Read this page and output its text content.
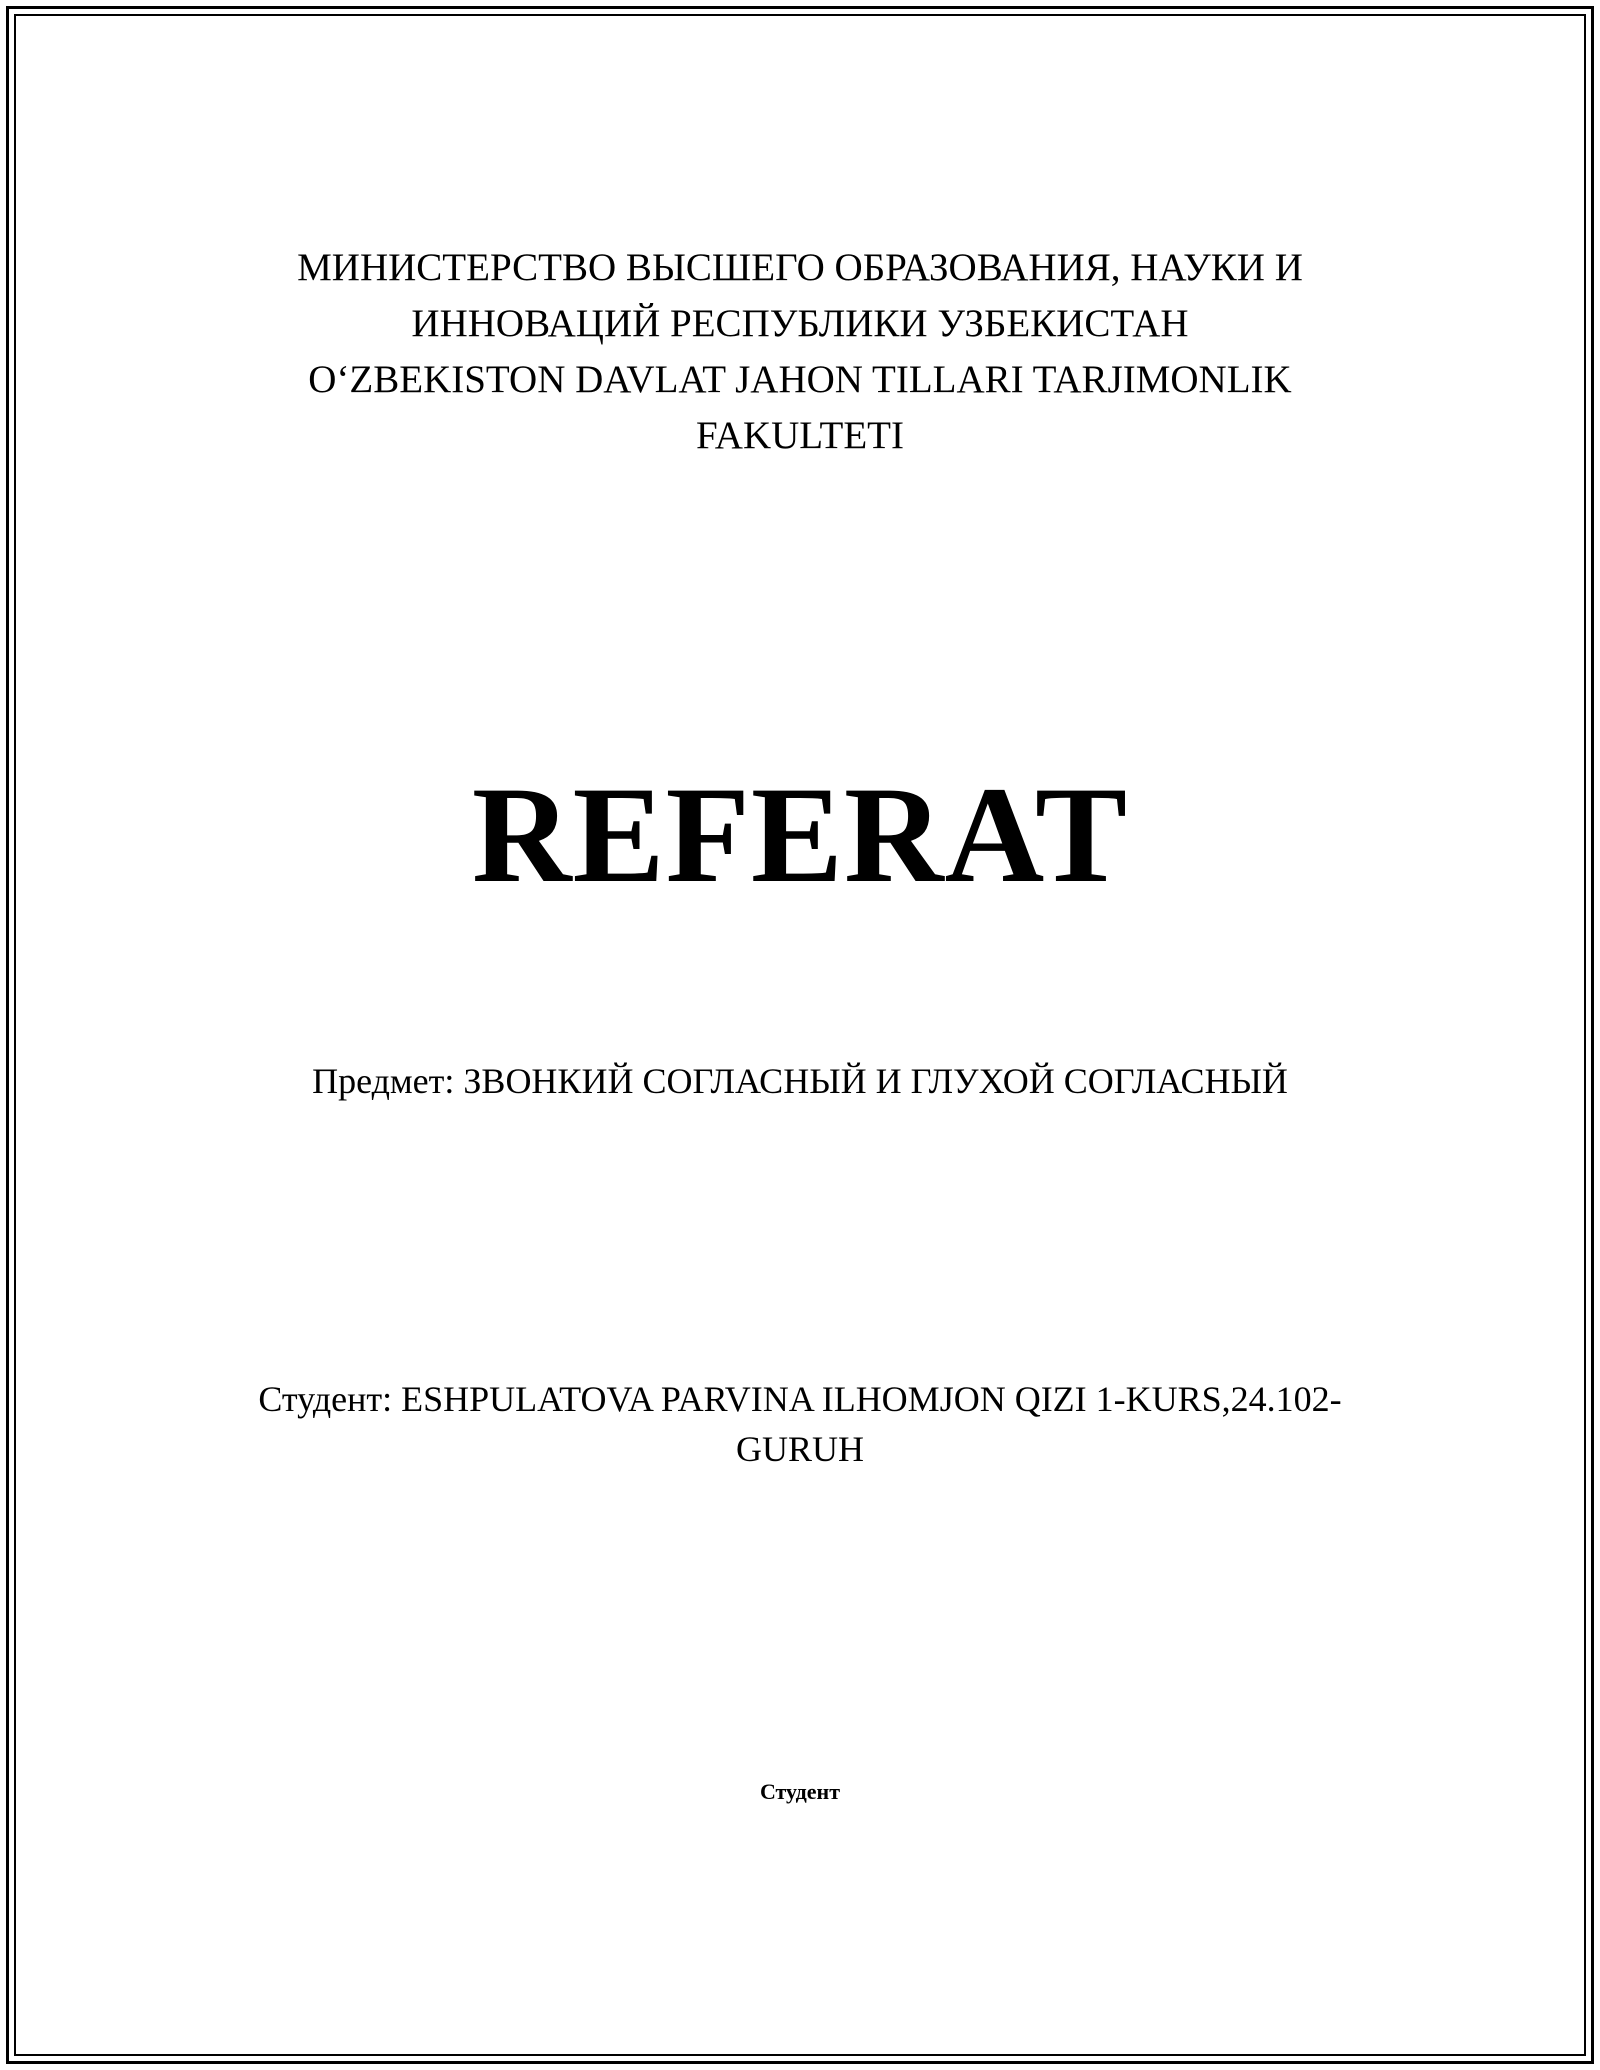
МИНИСТЕРСТВО ВЫСШЕГО ОБРАЗОВАНИЯ, НАУКИ И
ИННОВАЦИЙ РЕСПУБЛИКИ УЗБЕКИСТАН
O‘ZBEKISTON DAVLAT JAHON TILLARI TARJIMONLIK
FAKULTETI
REFERAT
Предмет: ЗВОНКИЙ СОГЛАСНЫЙ И ГЛУХОЙ СОГЛАСНЫЙ
Студент: ESHPULATOVA PARVINA ILHOMJON QIZI 1-KURS,24.102-
GURUH
Студент
